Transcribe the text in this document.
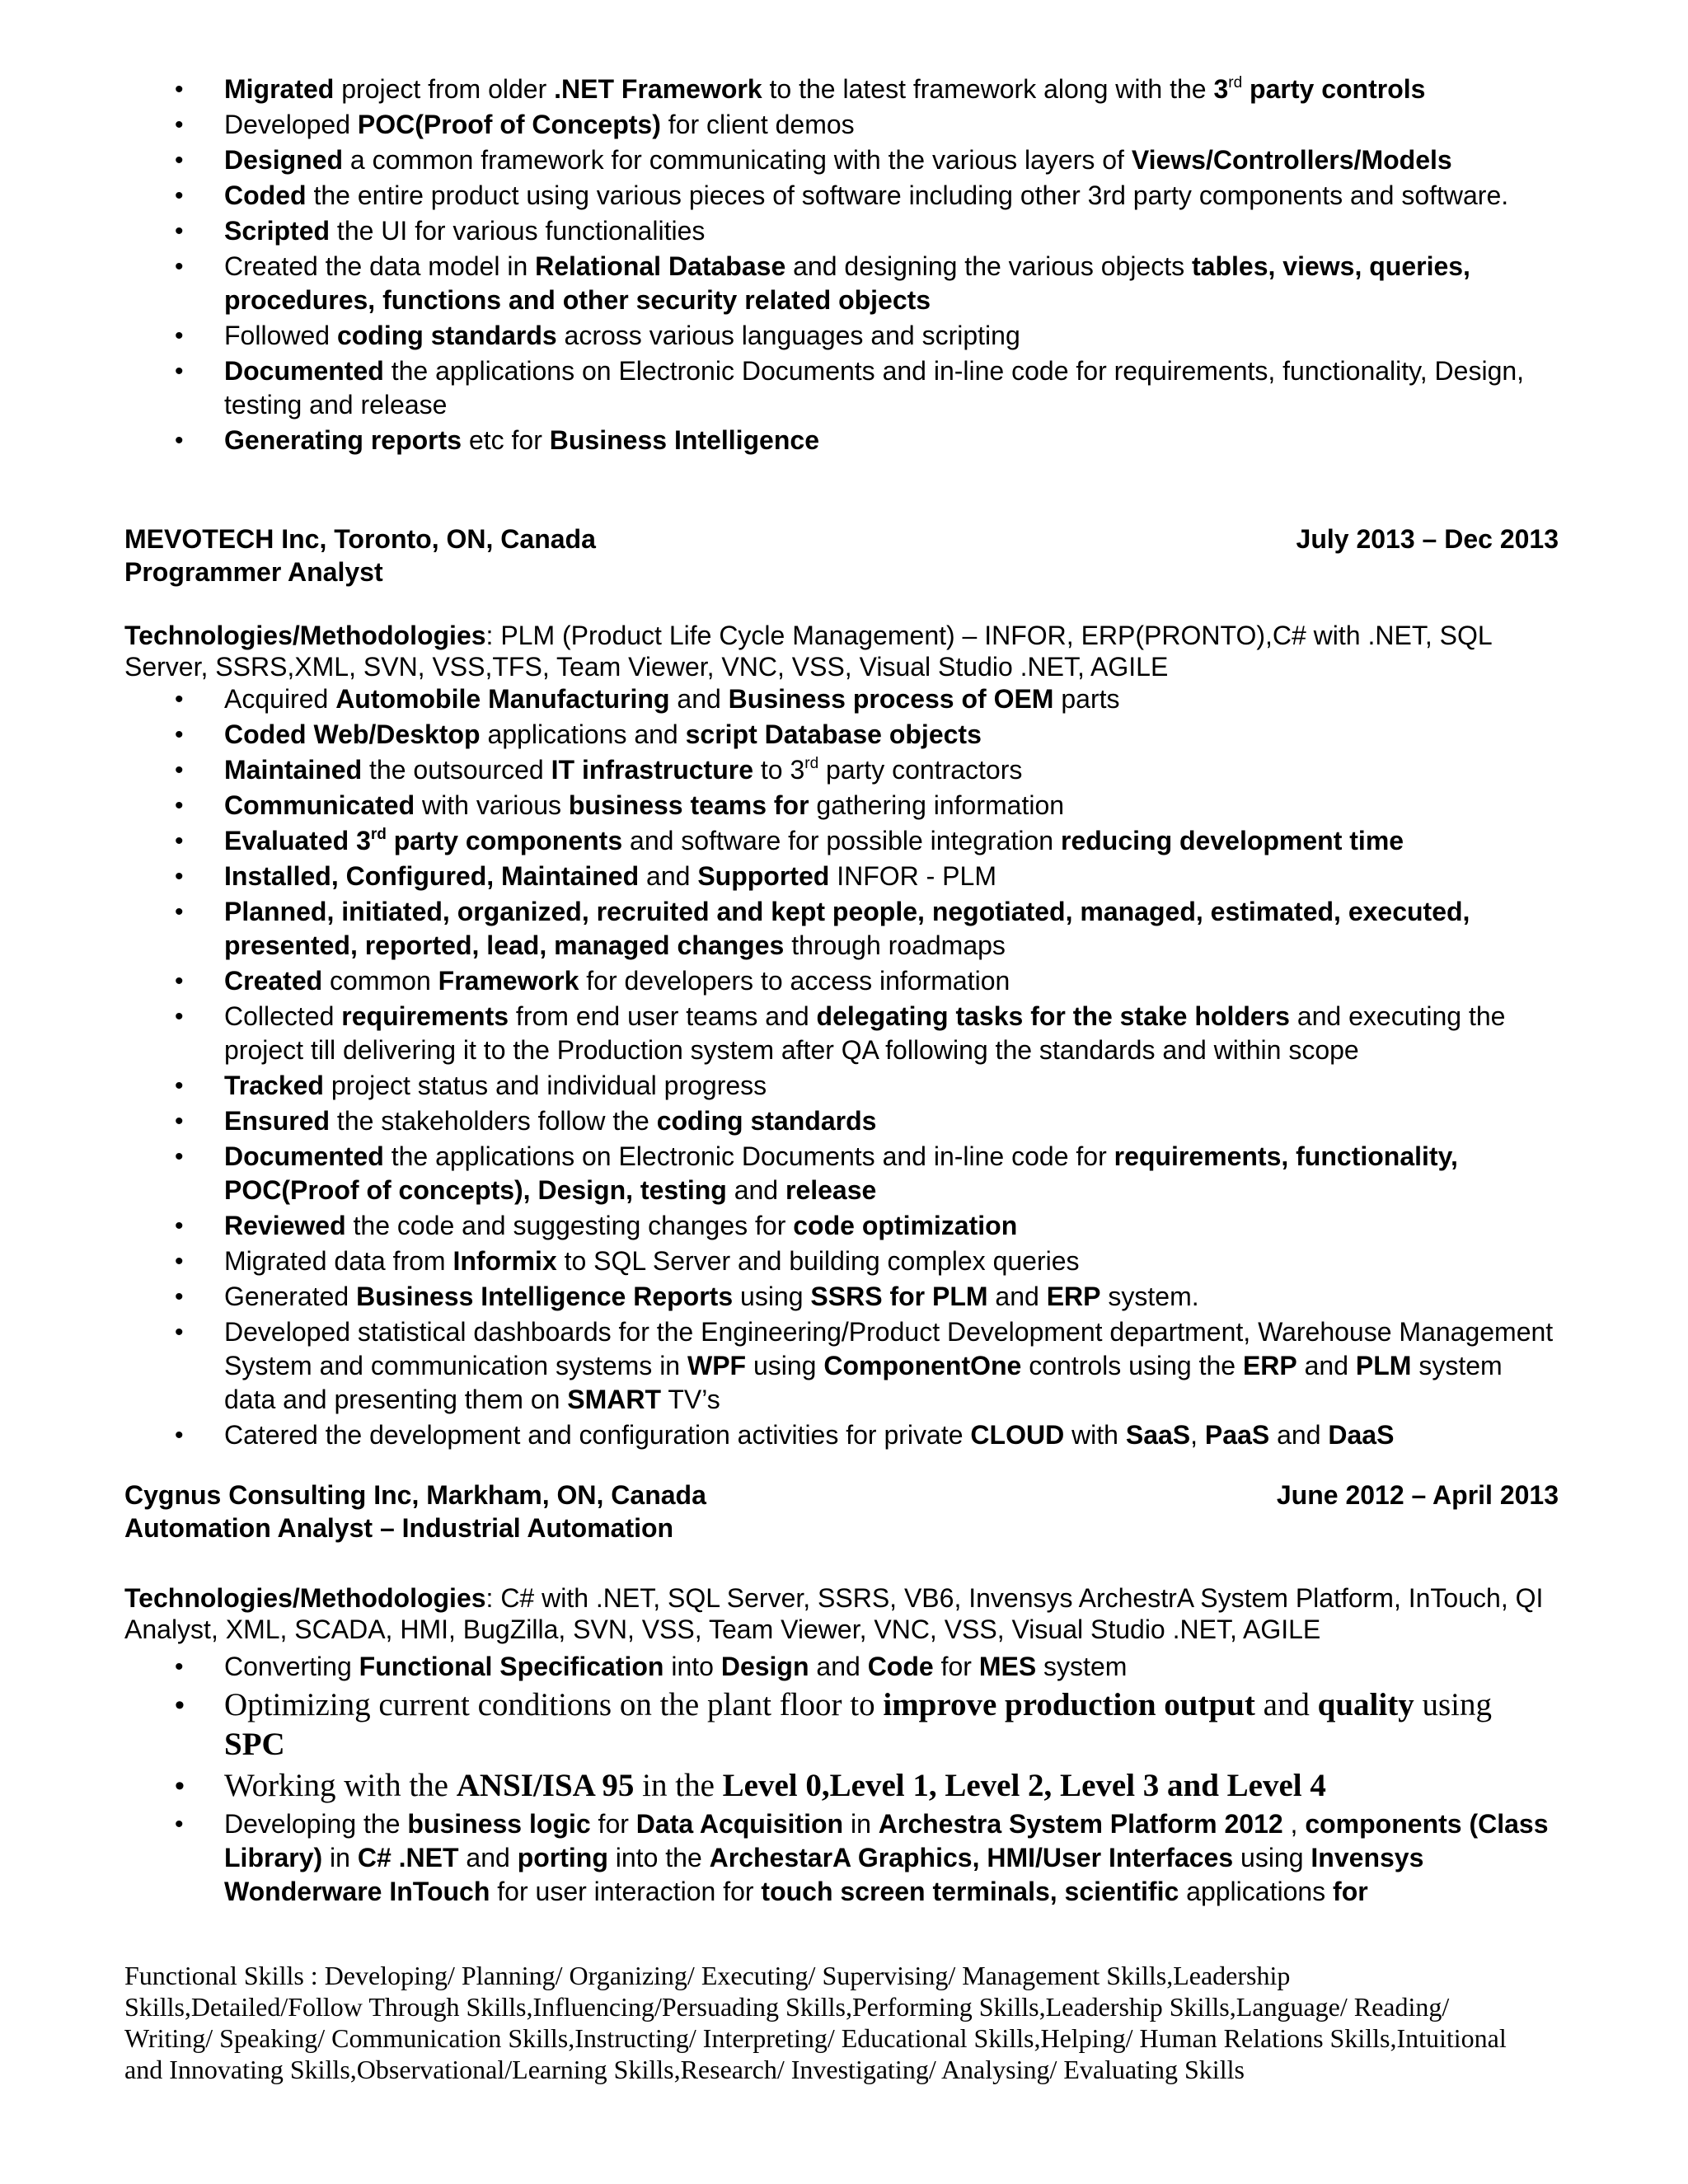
• Migrated project from older .NET Framework to the latest framework along with the 3rd party controls
• Developed POC(Proof of Concepts) for client demos
• Designed a common framework for communicating with the various layers of Views/Controllers/Models
• Coded the entire product using various pieces of software including other 3rd party components and software.
• Scripted the UI for various functionalities
• Created the data model in Relational Database and designing the various objects tables, views, queries, procedures, functions and other security related objects
• Followed coding standards across various languages and scripting
• Documented the applications on Electronic Documents and in-line code for requirements, functionality, Design, testing and release
• Generating reports etc for Business Intelligence
MEVOTECH Inc, Toronto, ON, Canada	July 2013 – Dec 2013
Programmer Analyst
Technologies/Methodologies: PLM (Product Life Cycle Management) – INFOR, ERP(PRONTO),C# with .NET, SQL Server, SSRS,XML, SVN, VSS,TFS, Team Viewer, VNC, VSS, Visual Studio .NET, AGILE
• Acquired Automobile Manufacturing and Business process of OEM parts
• Coded Web/Desktop applications and script Database objects
• Maintained the outsourced IT infrastructure to 3rd party contractors
• Communicated with various business teams for gathering information
• Evaluated 3rd party components and software for possible integration reducing development time
• Installed, Configured, Maintained and Supported INFOR - PLM
• Planned, initiated, organized, recruited and kept people, negotiated, managed, estimated, executed, presented, reported, lead, managed changes through roadmaps
• Created common Framework for developers to access information
• Collected requirements from end user teams and delegating tasks for the stake holders and executing the project till delivering it to the Production system after QA following the standards and within scope
• Tracked project status and individual progress
• Ensured the stakeholders follow the coding standards
• Documented the applications on Electronic Documents and in-line code for requirements, functionality, POC(Proof of concepts), Design, testing and release
• Reviewed the code and suggesting changes for code optimization
• Migrated data from Informix to SQL Server and building complex queries
• Generated Business Intelligence Reports using SSRS for PLM and ERP system.
• Developed statistical dashboards for the Engineering/Product Development department, Warehouse Management System and communication systems in WPF using ComponentOne controls using the ERP and PLM system data and presenting them on SMART TV’s
• Catered the development and configuration activities for private CLOUD with SaaS, PaaS and DaaS
Cygnus Consulting Inc, Markham, ON, Canada	June 2012 – April 2013
Automation Analyst – Industrial Automation
Technologies/Methodologies: C# with .NET, SQL Server, SSRS, VB6, Invensys ArchestrA System Platform, InTouch, QI Analyst, XML, SCADA, HMI, BugZilla, SVN, VSS, Team Viewer, VNC, VSS, Visual Studio .NET, AGILE
• Converting Functional Specification into Design and Code for MES system
• Optimizing current conditions on the plant floor to improve production output and quality using SPC
• Working with the ANSI/ISA 95 in the Level 0,Level 1, Level 2, Level 3 and Level 4
• Developing the business logic for Data Acquisition in Archestra System Platform 2012 , components (Class Library) in C# .NET and porting into the ArchestarA Graphics, HMI/User Interfaces using Invensys Wonderware InTouch for user interaction for touch screen terminals, scientific applications for
Functional Skills : Developing/ Planning/ Organizing/ Executing/ Supervising/ Management Skills,Leadership Skills,Detailed/Follow Through Skills,Influencing/Persuading Skills,Performing Skills,Leadership Skills,Language/ Reading/ Writing/ Speaking/ Communication Skills,Instructing/ Interpreting/ Educational Skills,Helping/ Human Relations Skills,Intuitional and Innovating Skills,Observational/Learning Skills,Research/ Investigating/ Analysing/ Evaluating Skills
